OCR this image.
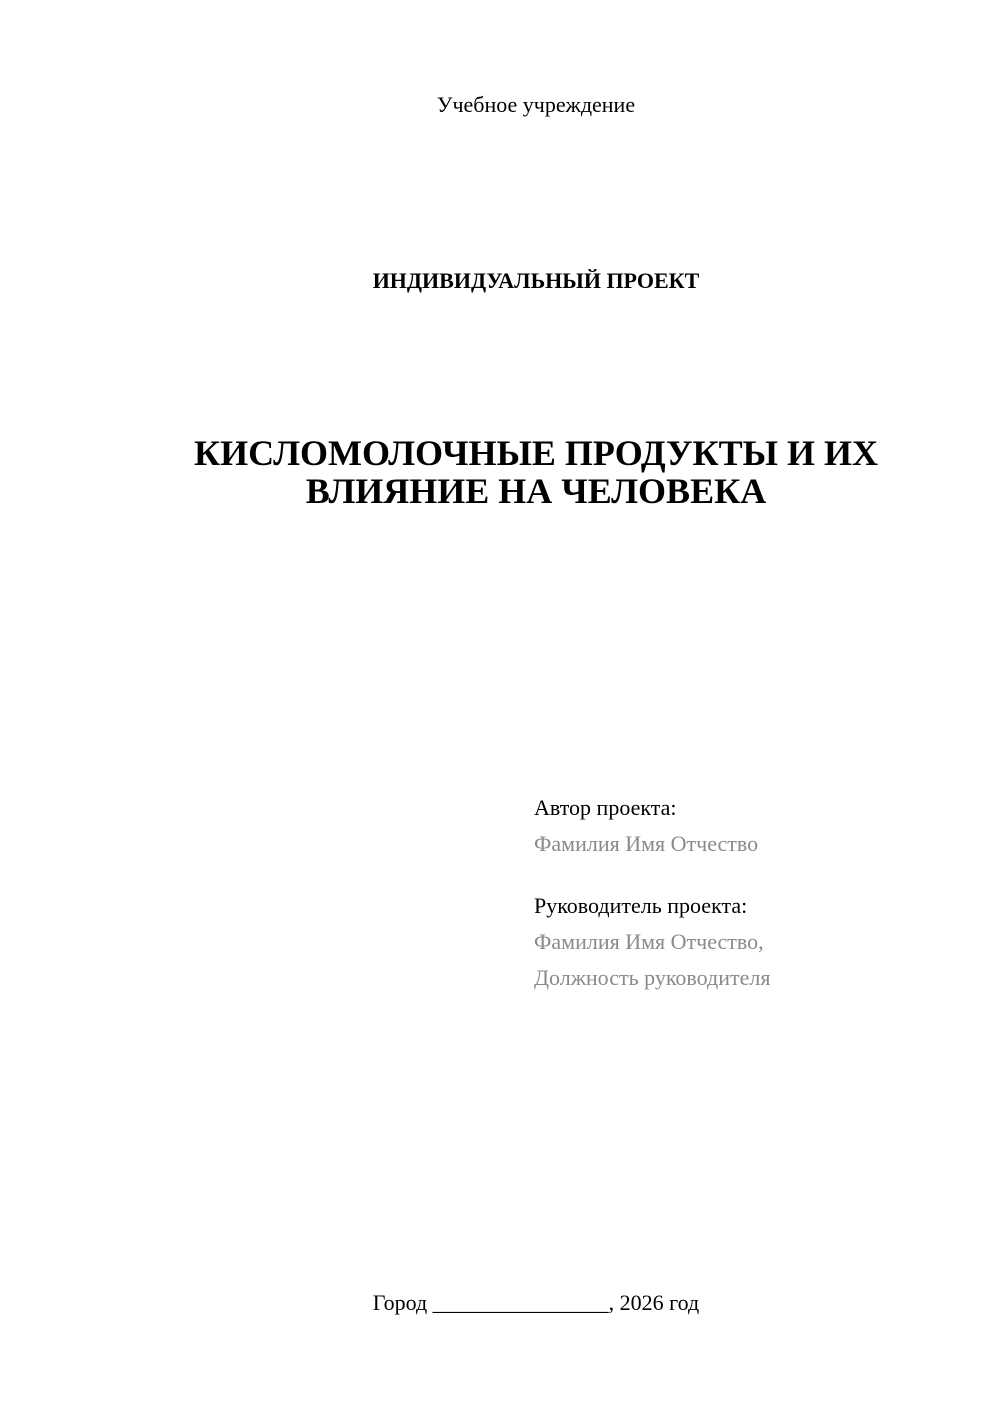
Учебное учреждение
ИНДИВИДУАЛЬНЫЙ ПРОЕКТ
КИСЛОМОЛОЧНЫЕ ПРОДУКТЫ И ИХ
ВЛИЯНИЕ НА ЧЕЛОВЕКА
Автор проекта:
Фамилия Имя Отчество
Руководитель проекта:
Фамилия Имя Отчество,
Должность руководителя
Город ________________, 2026 год
